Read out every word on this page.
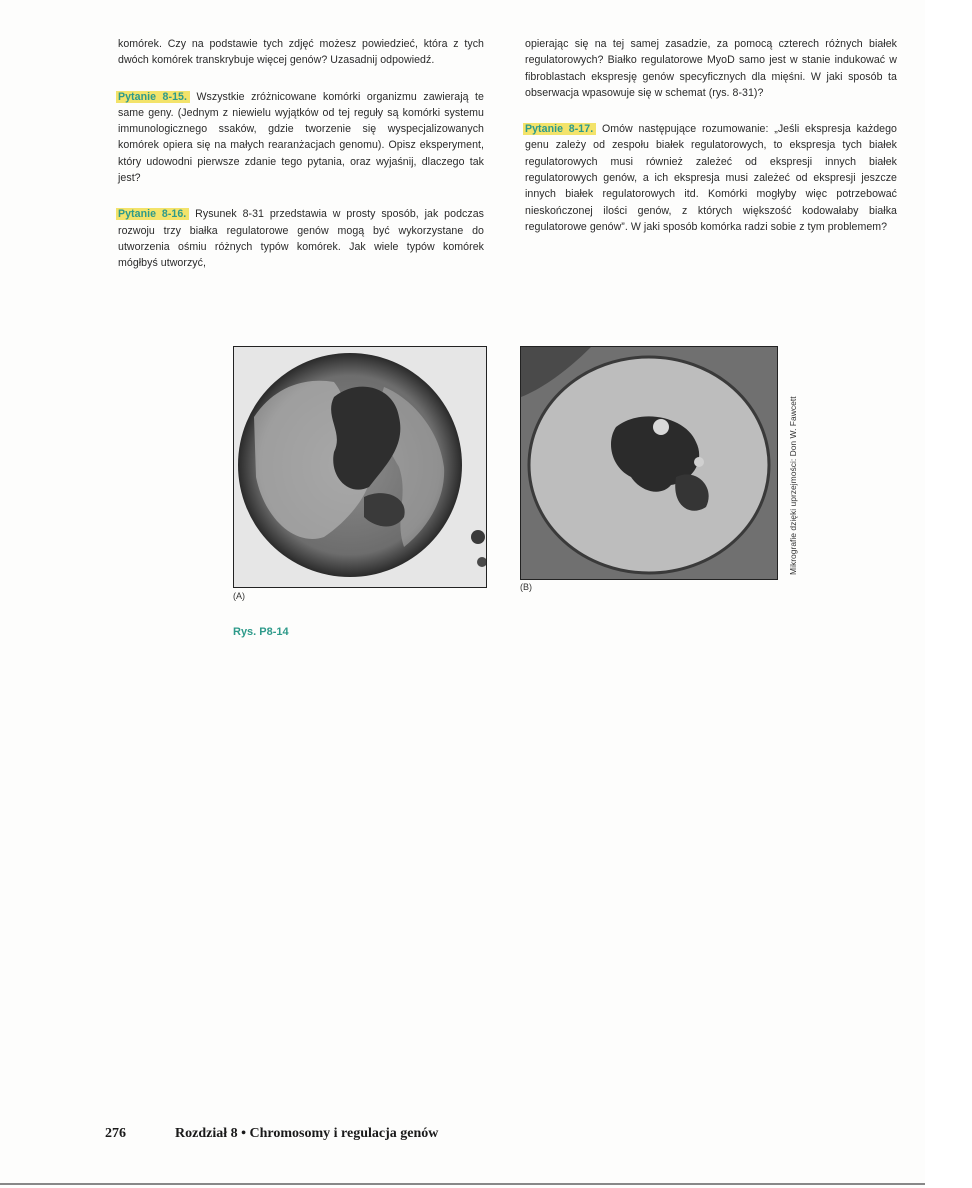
komórek. Czy na podstawie tych zdjęć możesz powiedzieć, która z tych dwóch komórek transkrybuje więcej genów? Uzasadnij odpowiedź.

Pytanie 8-15. Wszystkie zróżnicowane komórki organizmu zawierają te same geny. (Jednym z niewielu wyjątków od tej reguły są komórki systemu immunologicznego ssaków, gdzie tworzenie się wyspecjalizowanych komórek opiera się na małych rearanżacjach genomu). Opisz eksperyment, który udowodni pierwsze zdanie tego pytania, oraz wyjaśnij, dlaczego tak jest?

Pytanie 8-16. Rysunek 8-31 przedstawia w prosty sposób, jak podczas rozwoju trzy białka regulatorowe genów mogą być wykorzystane do utworzenia ośmiu różnych typów komórek. Jak wiele typów komórek mógłbyś utworzyć,

opierając się na tej samej zasadzie, za pomocą czterech różnych białek regulatorowych? Białko regulatorowe MyoD samo jest w stanie indukować w fibroblastach ekspresję genów specyficznych dla mięśni. W jaki sposób ta obserwacja wpasowuje się w schemat (rys. 8-31)?

Pytanie 8-17. Omów następujące rozumowanie: „Jeśli ekspresja każdego genu zależy od zespołu białek regulatorowych, to ekspresja tych białek regulatorowych musi również zależeć od ekspresji innych białek regulatorowych genów, a ich ekspresja musi zależeć od ekspresji jeszcze innych białek regulatorowych itd. Komórki mogłyby więc potrzebować nieskończonej ilości genów, z których większość kodowałaby białka regulatorowe genów”. W jaki sposób komórka radzi sobie z tym problemem?

(A)
(B)
Mikrografie dzięki uprzejmości: Don W. Fawcett
Rys. P8-14
276	Rozdział 8 • Chromosomy i regulacja genów
